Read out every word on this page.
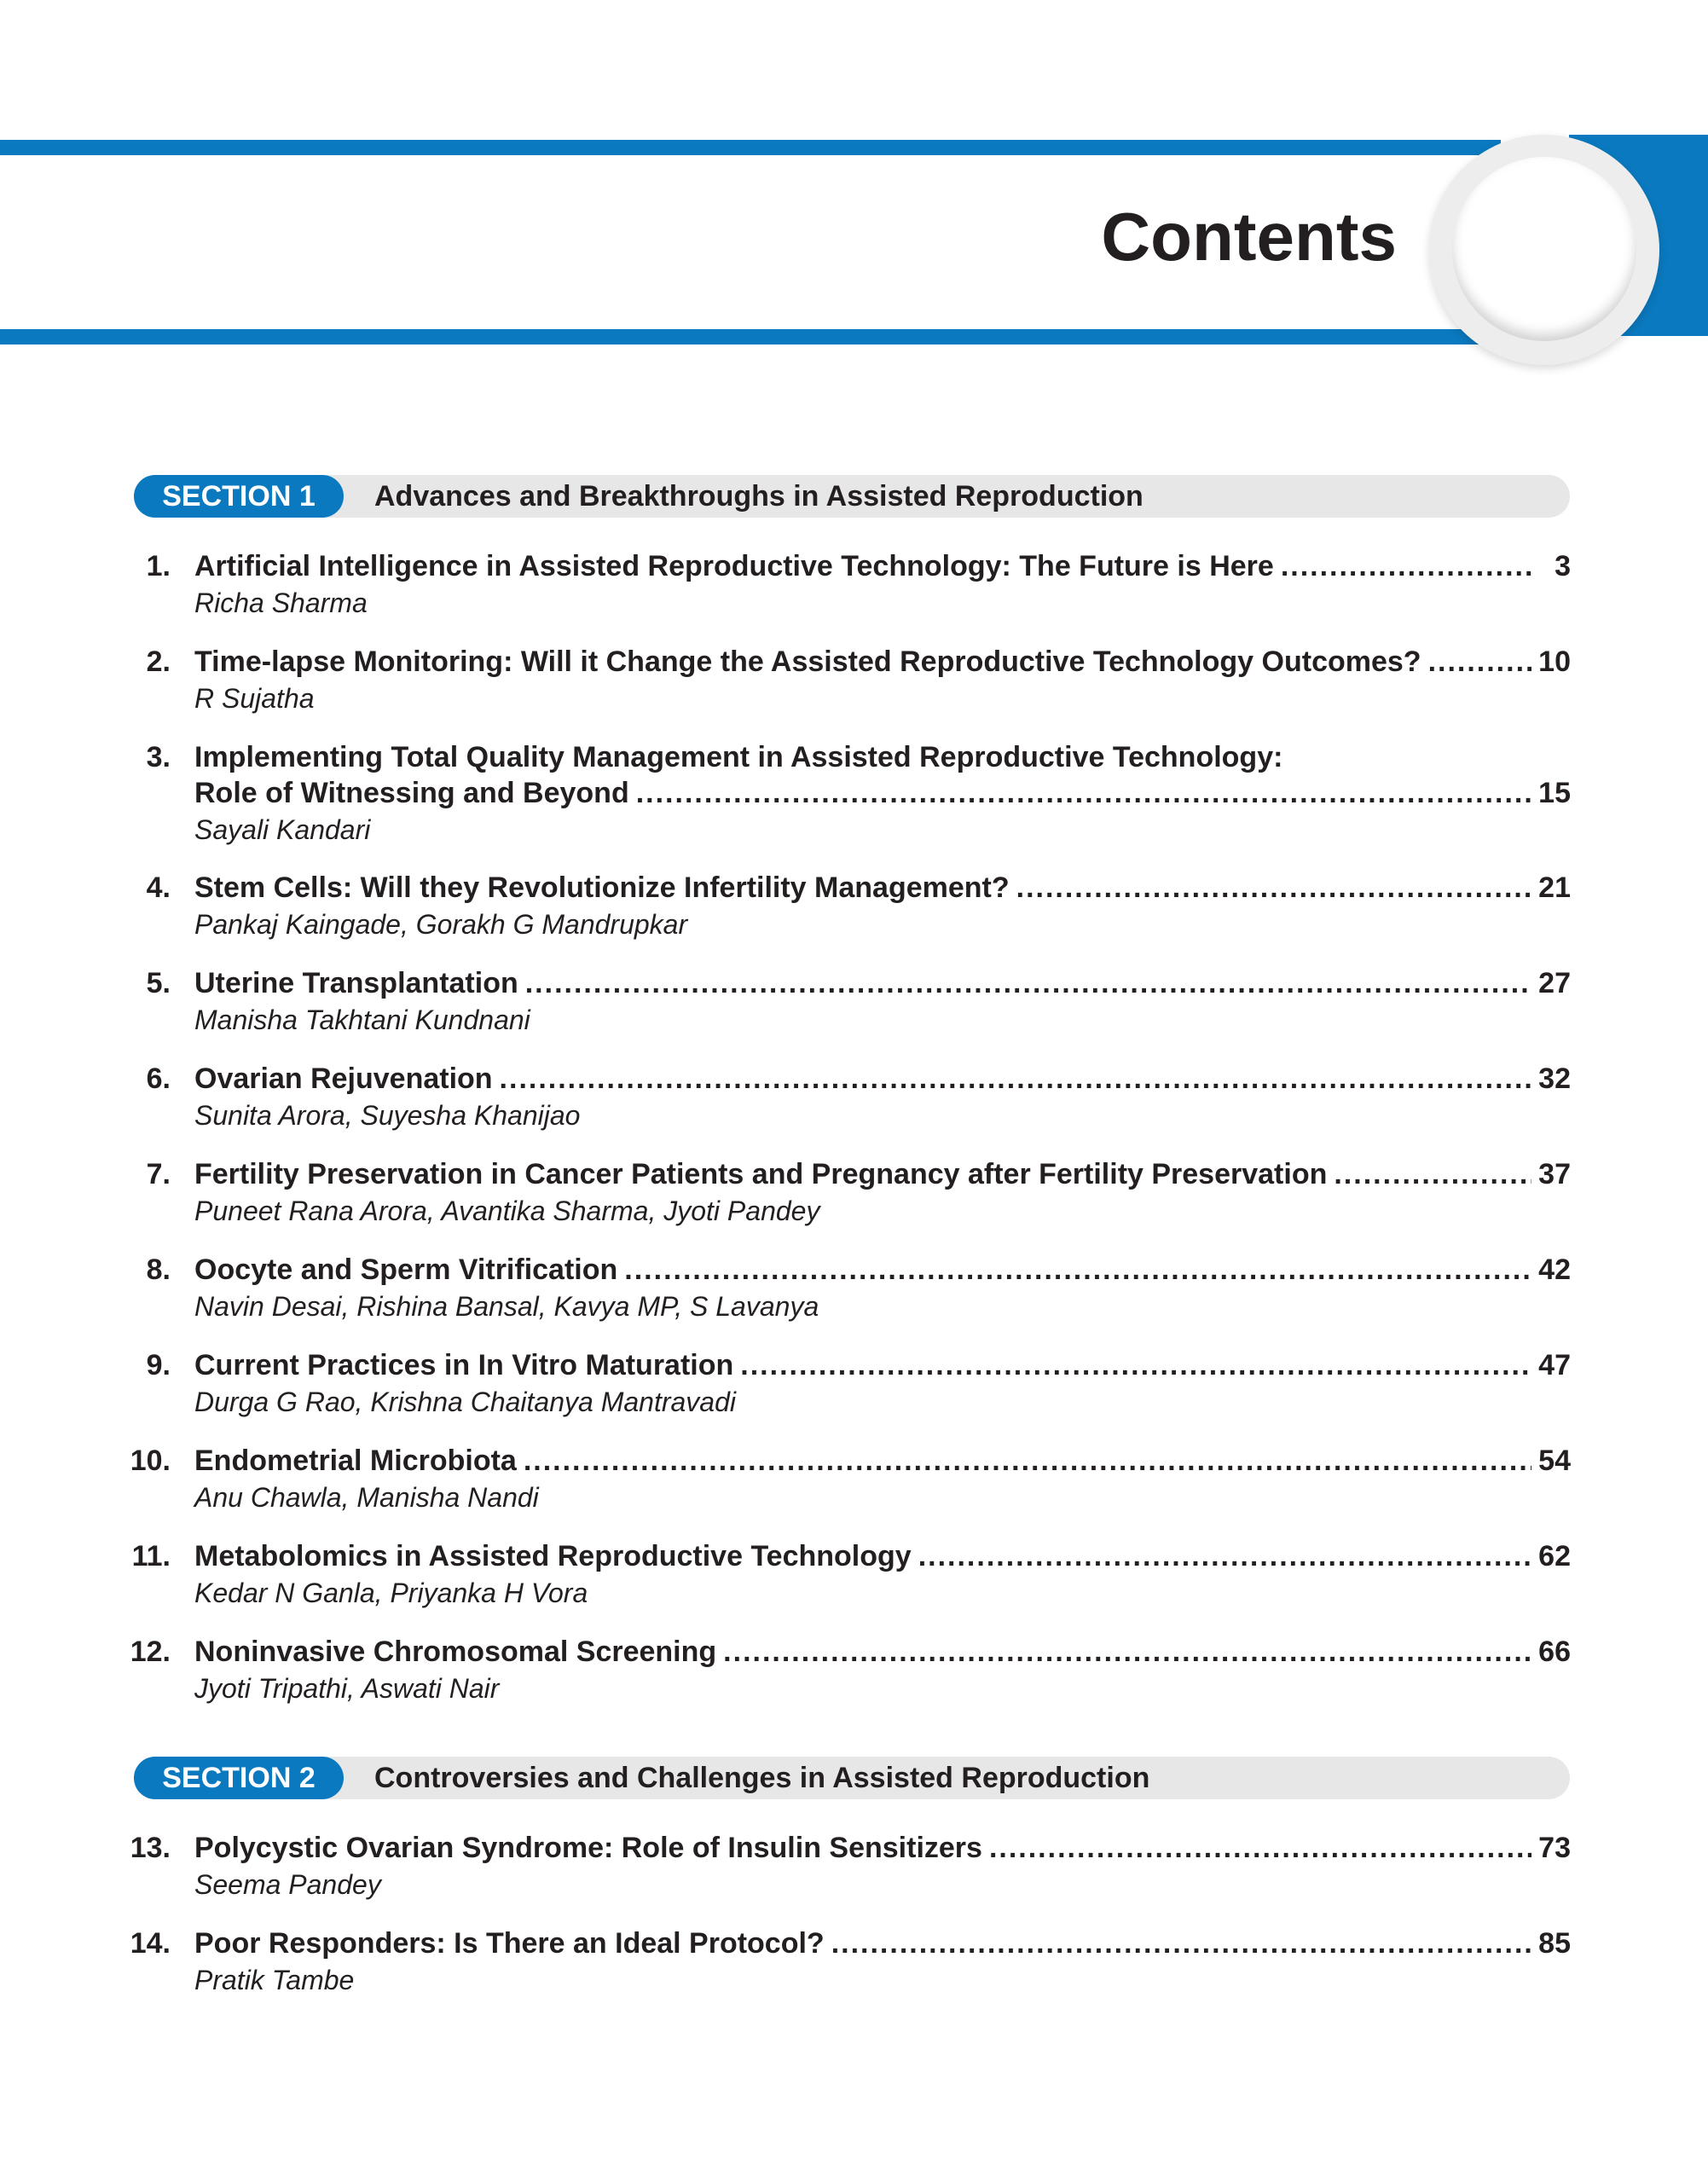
Contents
SECTION 1	Advances and Breakthroughs in Assisted Reproduction
1. Artificial Intelligence in Assisted Reproductive Technology: The Future is Here .....	3
Richa Sharma
2. Time-lapse Monitoring: Will it Change the Assisted Reproductive Technology Outcomes? .....	10
R Sujatha
3. Implementing Total Quality Management in Assisted Reproductive Technology:
Role of Witnessing and Beyond .....	15
Sayali Kandari
4. Stem Cells: Will they Revolutionize Infertility Management? .....	21
Pankaj Kaingade, Gorakh G Mandrupkar
5. Uterine Transplantation .....	27
Manisha Takhtani Kundnani
6. Ovarian Rejuvenation .....	32
Sunita Arora, Suyesha Khanijao
7. Fertility Preservation in Cancer Patients and Pregnancy after Fertility Preservation .....	37
Puneet Rana Arora, Avantika Sharma, Jyoti Pandey
8. Oocyte and Sperm Vitrification .....	42
Navin Desai, Rishina Bansal, Kavya MP, S Lavanya
9. Current Practices in In Vitro Maturation .....	47
Durga G Rao, Krishna Chaitanya Mantravadi
10. Endometrial Microbiota .....	54
Anu Chawla, Manisha Nandi
11. Metabolomics in Assisted Reproductive Technology .....	62
Kedar N Ganla, Priyanka H Vora
12. Noninvasive Chromosomal Screening .....	66
Jyoti Tripathi, Aswati Nair
SECTION 2	Controversies and Challenges in Assisted Reproduction
13. Polycystic Ovarian Syndrome: Role of Insulin Sensitizers .....	73
Seema Pandey
14. Poor Responders: Is There an Ideal Protocol? .....	85
Pratik Tambe
